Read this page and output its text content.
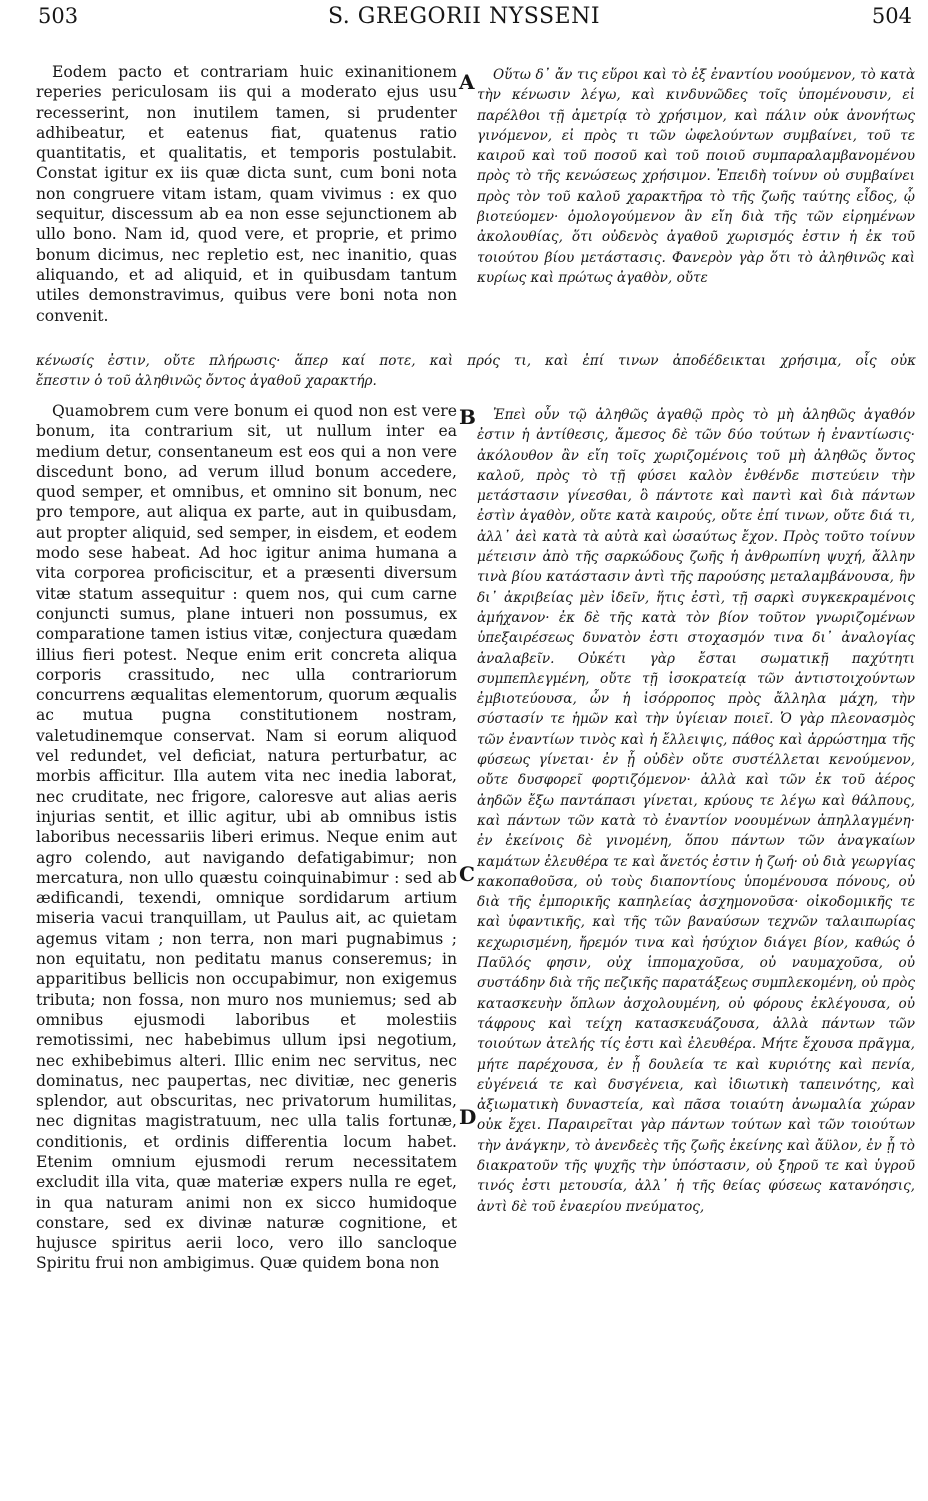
503	S. GREGORII NYSSENI	504

Eodem pacto et contrariam huic exinanitionem reperies periculosam iis qui a moderato ejus usu recesserint, non inutilem tamen, si prudenter adhibeatur, et eatenus fiat, quatenus ratio quantitatis, et qualitatis, et temporis postulabit. Constat igitur ex iis quæ dicta sunt, cum boni nota non congruere vitam istam, quam vivimus : ex quo sequitur, discessum ab ea non esse sejunctionem ab ullo bono. Nam id, quod vere, et proprie, et primo bonum dicimus, nec repletio est, nec inanitio, quas aliquando, et ad aliquid, et in quibusdam tantum utiles demonstravimus, quibus vere boni nota non convenit.

Οὕτω δ᾽ ἄν τις εὕροι καὶ τὸ ἐξ ἐναντίου νοούμενον, τὸ κατὰ τὴν κένωσιν λέγω, καὶ κινδυνῶδες τοῖς ὑπομένουσιν, εἰ παρέλθοι τῇ ἀμετρίᾳ τὸ χρήσιμον, καὶ πάλιν οὐκ ἀνονήτως γινόμενον, εἰ πρὸς τι τῶν ὠφελούντων συμβαίνει, τοῦ τε καιροῦ καὶ τοῦ ποσοῦ καὶ τοῦ ποιοῦ συμπαραλαμβανομένου πρὸς τὸ τῆς κενώσεως χρήσιμον. Ἐπειδὴ τοίνυν οὐ συμβαίνει πρὸς τὸν τοῦ καλοῦ χαρακτῆρα τὸ τῆς ζωῆς ταύτης εἶδος, ᾧ βιοτεύομεν· ὁμολογούμενον ἂν εἴη διὰ τῆς τῶν εἰρημένων ἀκολουθίας, ὅτι οὐδενὸς ἀγαθοῦ χωρισμός ἐστιν ἡ ἐκ τοῦ τοιούτου βίου μετάστασις. Φανερὸν γὰρ ὅτι τὸ ἀληθινῶς καὶ κυρίως καὶ πρώτως ἀγαθὸν, οὔτε

κένωσίς ἐστιν, οὔτε πλήρωσις· ἅπερ καί ποτε, καὶ πρός τι, καὶ ἐπί τινων ἀποδέδεικται χρήσιμα, οἷς οὐκ
ἔπεστιν ὁ τοῦ ἀληθινῶς ὄντος ἀγαθοῦ χαρακτήρ.

Quamobrem cum vere bonum ei quod non est vere bonum, ita contrarium sit, ut nullum inter ea medium detur, consentaneum est eos qui a non vere discedunt bono, ad verum illud bonum accedere, quod semper, et omnibus, et omnino sit bonum, nec pro tempore, aut aliqua ex parte, aut in quibusdam, aut propter aliquid, sed semper, in eisdem, et eodem modo sese habeat. Ad hoc igitur anima humana a vita corporea proficiscitur, et a præsenti diversum vitæ statum assequitur : quem nos, qui cum carne conjuncti sumus, plane intueri non possumus, ex comparatione tamen istius vitæ, conjectura quædam illius fieri potest. Neque enim erit concreta aliqua corporis crassitudo, nec ulla contrariorum concurrens æqualitas elementorum, quorum æqualis ac mutua pugna constitutionem nostram, valetudinemque conservat. Nam si eorum aliquod vel redundet, vel deficiat, natura perturbatur, ac morbis afficitur. Illa autem vita nec inedia laborat, nec cruditate, nec frigore, caloresve aut alias aeris injurias sentit, et illic agitur, ubi ab omnibus istis laboribus necessariis liberi erimus. Neque enim aut agro colendo, aut navigando defatigabimur; non mercatura, non ullo quæstu coinquinabimur : sed ab ædificandi, texendi, omnique sordidarum artium miseria vacui tranquillam, ut Paulus ait, ac quietam agemus vitam ; non terra, non mari pugnabimus ; non equitatu, non peditatu manus conseremus; in apparitibus bellicis non occupabimur, non exigemus tributa; non fossa, non muro nos muniemus; sed ab omnibus ejusmodi laboribus et molestiis remotissimi, nec habebimus ullum ipsi negotium, nec exhibebimus alteri. Illic enim nec servitus, nec dominatus, nec paupertas, nec divitiæ, nec generis splendor, aut obscuritas, nec privatorum humilitas, nec dignitas magistratuum, nec ulla talis fortunæ, conditionis, et ordinis differentia locum habet. Etenim omnium ejusmodi rerum necessitatem excludit illa vita, quæ materiæ expers nulla re eget, in qua naturam animi non ex sicco humidoque constare, sed ex divinæ naturæ cognitione, et hujusce spiritus aerii loco, vero illo sancloque Spiritu frui non ambigimus. Quæ quidem bona non

Ἐπεὶ οὖν τῷ ἀληθῶς ἀγαθῷ πρὸς τὸ μὴ ἀληθῶς ἀγαθόν ἐστιν ἡ ἀντίθεσις, ἄμεσος δὲ τῶν δύο τούτων ἡ ἐναντίωσις· ἀκόλουθον ἂν εἴη τοῖς χωριζομένοις τοῦ μὴ ἀληθῶς ὄντος καλοῦ, πρὸς τὸ τῇ φύσει καλὸν ἐνθένδε πιστεύειν τὴν μετάστασιν γίνεσθαι, ὃ πάντοτε καὶ παντὶ καὶ διὰ πάντων ἐστὶν ἀγαθὸν, οὔτε κατὰ καιρούς, οὔτε ἐπί τινων, οὔτε διά τι, ἀλλ᾽ ἀεὶ κατὰ τὰ αὐτὰ καὶ ὡσαύτως ἔχον. Πρὸς τοῦτο τοίνυν μέτεισιν ἀπὸ τῆς σαρκώδους ζωῆς ἡ ἀνθρωπίνη ψυχή, ἄλλην τινὰ βίου κατάστασιν ἀντὶ τῆς παρούσης μεταλαμβάνουσα, ἣν δι᾽ ἀκριβείας μὲν ἰδεῖν, ἥτις ἐστὶ, τῇ σαρκὶ συγκεκραμένοις ἀμήχανον· ἐκ δὲ τῆς κατὰ τὸν βίον τοῦτον γνωριζομένων ὑπεξαιρέσεως δυνατὸν ἐστι στοχασμόν τινα δι᾽ ἀναλογίας ἀναλαβεῖν. Οὐκέτι γὰρ ἔσται σωματικῇ παχύτητι συμπεπλεγμένη, οὔτε τῇ ἰσοκρατείᾳ τῶν ἀντιστοιχούντων ἐμβιοτεύουσα, ὧν ἡ ἰσόρροπος πρὸς ἄλληλα μάχη, τὴν σύστασίν τε ἡμῶν καὶ τὴν ὑγίειαν ποιεῖ. Ὁ γὰρ πλεονασμὸς τῶν ἐναντίων τινὸς καὶ ἡ ἔλλειψις, πάθος καὶ ἀρρώστημα τῆς φύσεως γίνεται· ἐν ᾗ οὐδὲν οὔτε συστέλλεται κενούμενον, οὔτε δυσφορεῖ φορτιζόμενον· ἀλλὰ καὶ τῶν ἐκ τοῦ ἀέρος ἀηδῶν ἔξω παντάπασι γίνεται, κρύους τε λέγω καὶ θάλπους, καὶ πάντων τῶν κατὰ τὸ ἐναντίον νοουμένων ἀπηλλαγμένη· ἐν ἐκείνοις δὲ γινομένη, ὅπου πάντων τῶν ἀναγκαίων καμάτων ἐλευθέρα τε καὶ ἄνετός ἐστιν ἡ ζωή· οὐ διὰ γεωργίας κακοπαθοῦσα, οὐ τοὺς διαποντίους ὑπομένουσα πόνους, οὐ διὰ τῆς ἐμπορικῆς καπηλείας ἀσχημονοῦσα· οἰκοδομικῆς τε καὶ ὑφαντικῆς, καὶ τῆς τῶν βαναύσων τεχνῶν ταλαιπωρίας κεχωρισμένη, ἤρεμόν τινα καὶ ἡσύχιον διάγει βίον, καθώς ὁ Παῦλός φησιν, οὐχ ἱππομαχοῦσα, οὐ ναυμαχοῦσα, οὐ συστάδην διὰ τῆς πεζικῆς παρατάξεως συμπλεκομένη, οὐ πρὸς κατασκευὴν ὅπλων ἀσχολουμένη, οὐ φόρους ἐκλέγουσα, οὐ τάφρους καὶ τείχη κατασκευάζουσα, ἀλλὰ πάντων τῶν τοιούτων ἀτελής τίς ἐστι καὶ ἐλευθέρα. Μήτε ἔχουσα πρᾶγμα, μήτε παρέχουσα, ἐν ᾗ δουλεία τε καὶ κυριότης καὶ πενία, εὐγένειά τε καὶ δυσγένεια, καὶ ἰδιωτικὴ ταπεινότης, καὶ ἀξιωματικὴ δυναστεία, καὶ πᾶσα τοιαύτη ἀνωμαλία χώραν οὐκ ἔχει. Παραιρεῖται γὰρ πάντων τούτων καὶ τῶν τοιούτων τὴν ἀνάγκην, τὸ ἀνενδεὲς τῆς ζωῆς ἐκείνης καὶ ἄϋλον, ἐν ᾗ τὸ διακρατοῦν τῆς ψυχῆς τὴν ὑπόστασιν, οὐ ξηροῦ τε καὶ ὑγροῦ τινός ἐστι μετουσία, ἀλλ᾽ ἡ τῆς θείας φύσεως κατανόησις, ἀντὶ δὲ τοῦ ἐναερίου πνεύματος,

A
B
C
D
